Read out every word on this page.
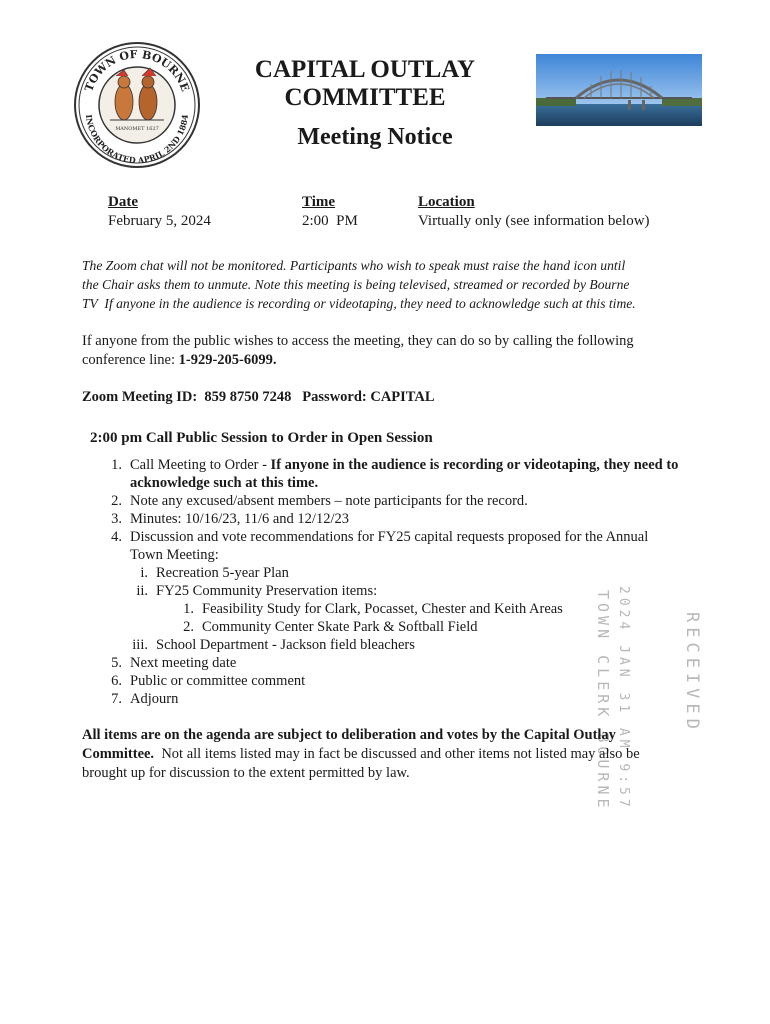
TOWN OF BOURNE
INCORPORATED APRIL 2ND 1884
MANOMET 1627
CAPITAL OUTLAY
COMMITTEE
Meeting Notice
Date
February 5, 2024
Time
2:00  PM
Location
Virtually only (see information below)
The Zoom chat will not be monitored. Participants who wish to speak must raise the hand icon until
the Chair asks them to unmute. Note this meeting is being televised, streamed or recorded by Bourne
TV  If anyone in the audience is recording or videotaping, they need to acknowledge such at this time.
If anyone from the public wishes to access the meeting, they can do so by calling the following
conference line: 1-929-205-6099.
Zoom Meeting ID:  859 8750 7248   Password: CAPITAL
2:00 pm Call Public Session to Order in Open Session
1. Call Meeting to Order - If anyone in the audience is recording or videotaping, they need to
acknowledge such at this time.
2. Note any excused/absent members – note participants for the record.
3. Minutes: 10/16/23, 11/6 and 12/12/23
4. Discussion and vote recommendations for FY25 capital requests proposed for the Annual
Town Meeting:
i. Recreation 5-year Plan
ii. FY25 Community Preservation items:
1. Feasibility Study for Clark, Pocasset, Chester and Keith Areas
2. Community Center Skate Park & Softball Field
iii. School Department - Jackson field bleachers
5. Next meeting date
6. Public or committee comment
7. Adjourn	TOWN CLERK BOURNE 2024 JAN 31 AM 9:57	RECEIVED
All items are on the agenda are subject to deliberation and votes by the Capital Outlay
Committee.  Not all items listed may in fact be discussed and other items not listed may also be
brought up for discussion to the extent permitted by law.
